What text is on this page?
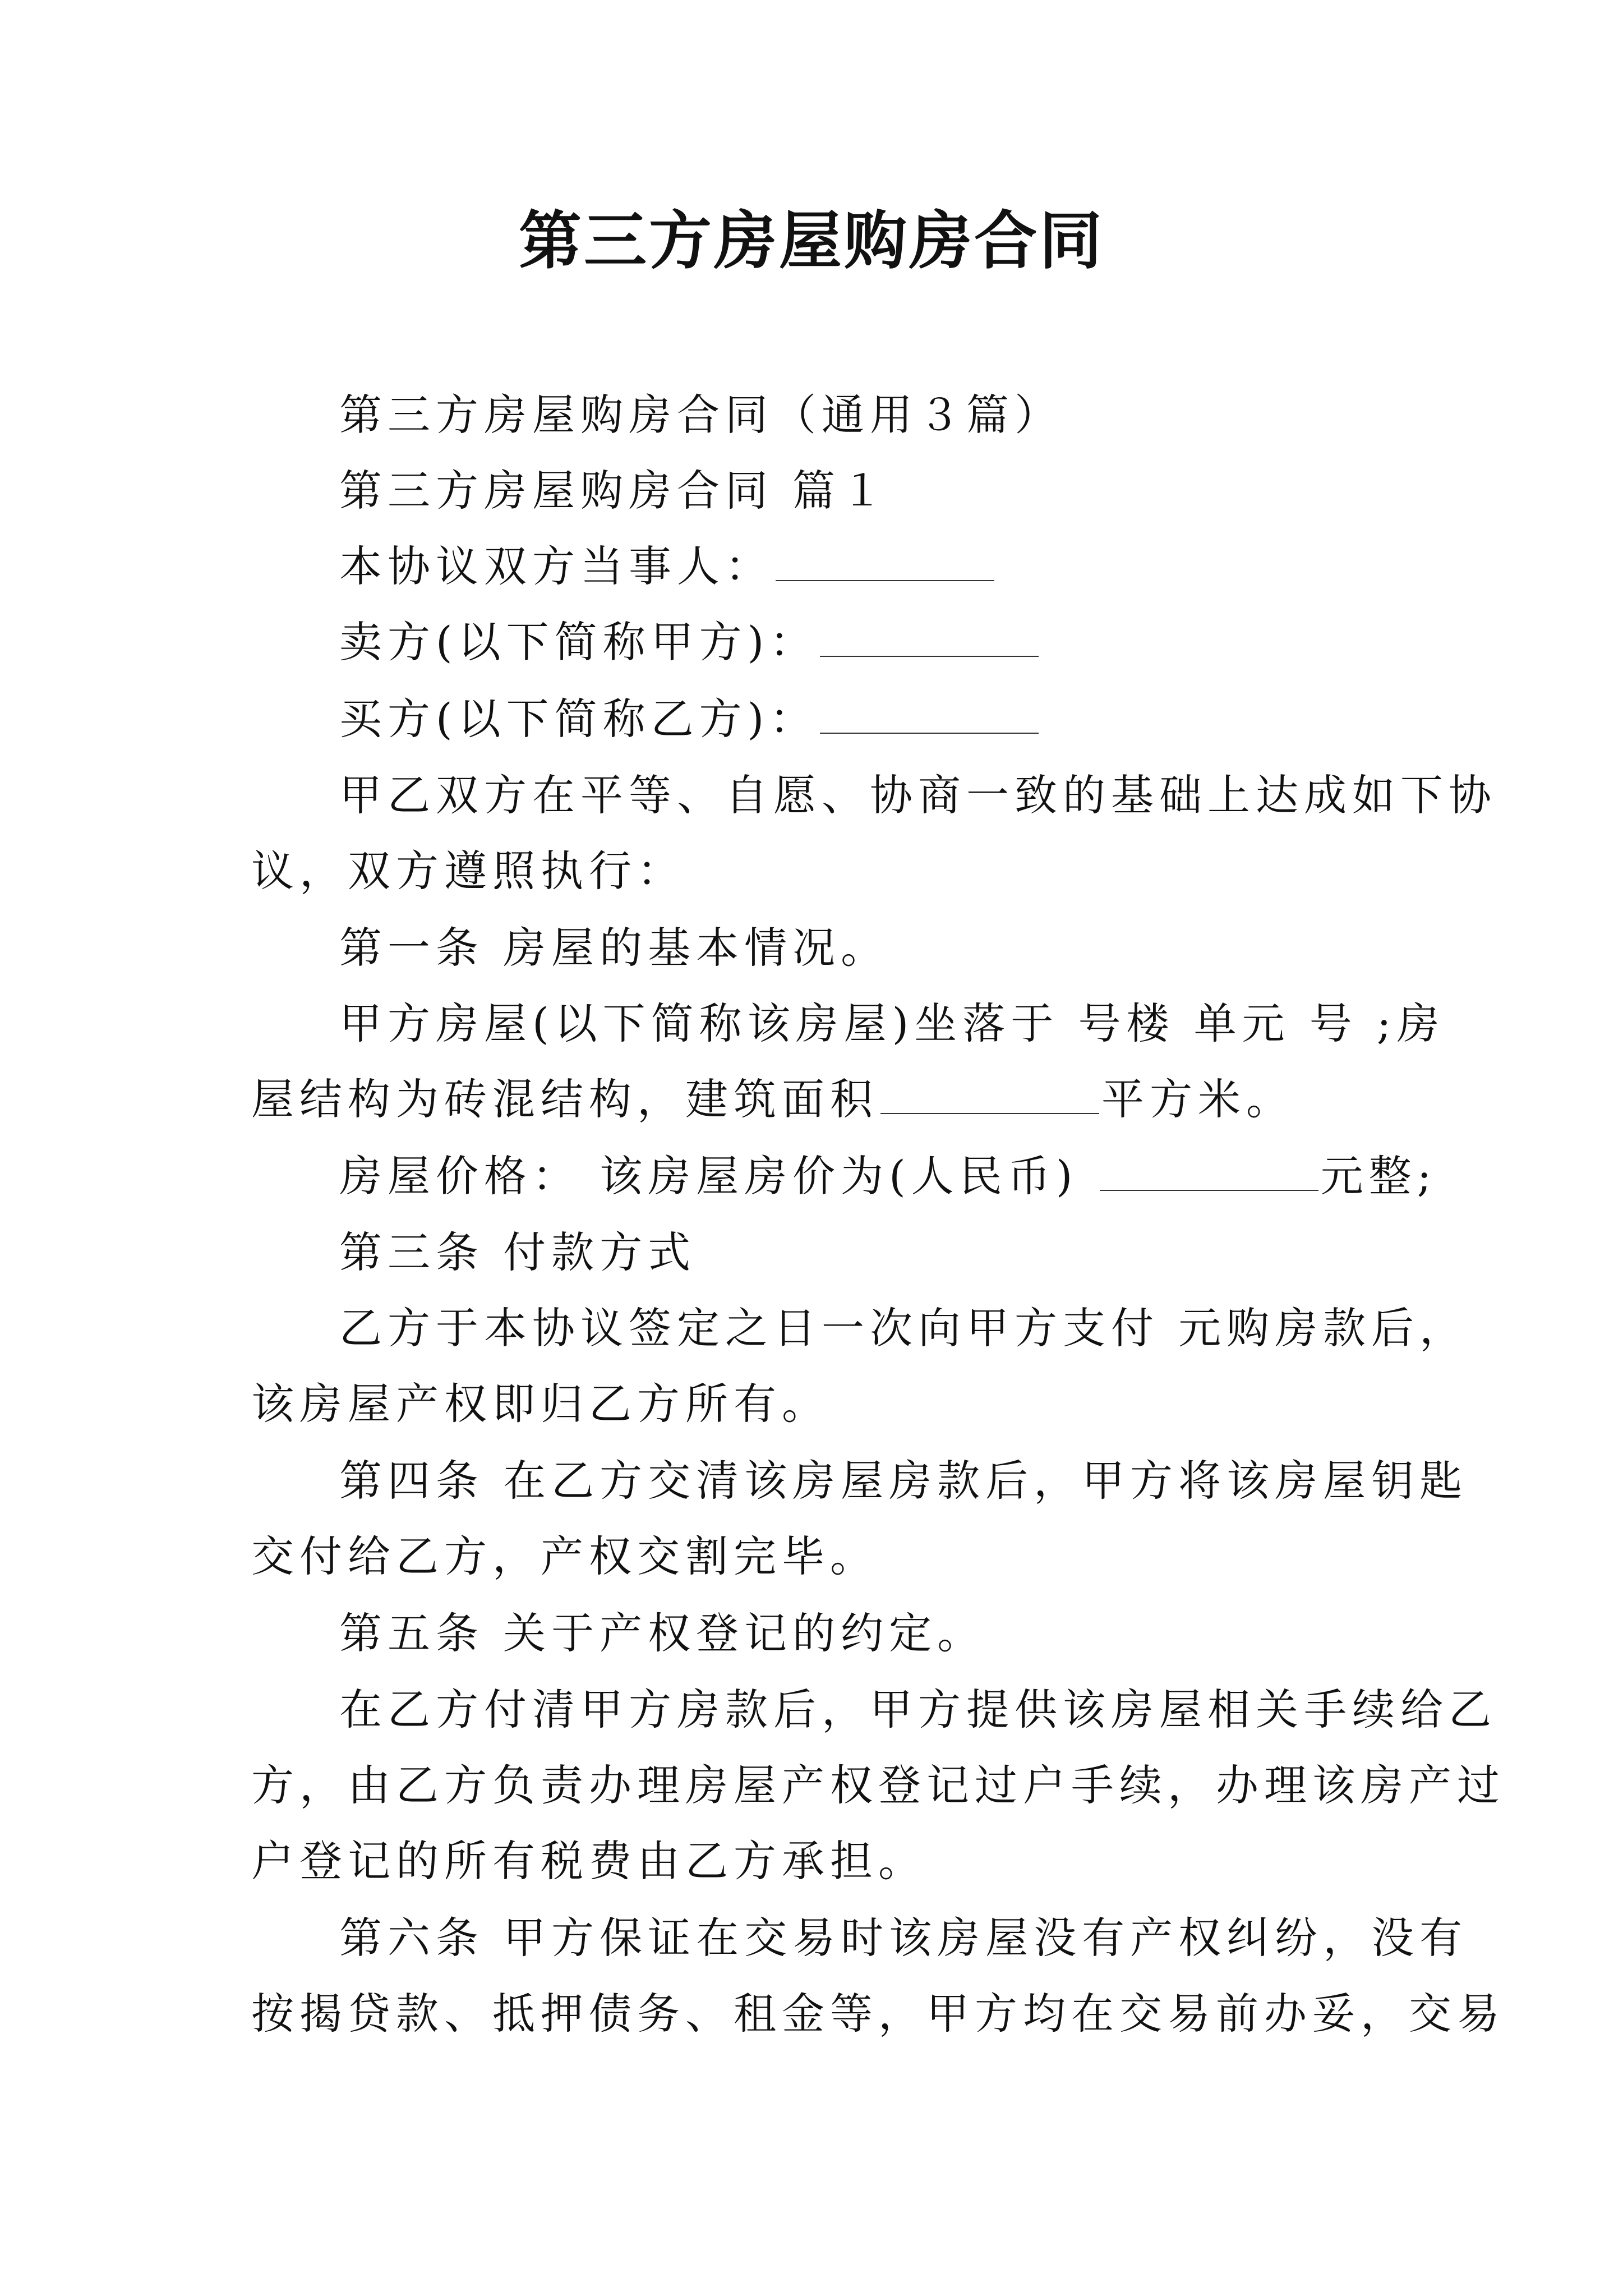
第三方房屋购房合同
第三方房屋购房合同（通用３篇）
第三方房屋购房合同 篇１
本协议双方当事人：
卖方(以下简称甲方)：
买方(以下简称乙方)：
甲乙双方在平等、自愿、协商一致的基础上达成如下协
议，双方遵照执行：
第一条 房屋的基本情况。
甲方房屋(以下简称该房屋)坐落于 号楼 单元 号 ;房
屋结构为砖混结构，建筑面积	平方米。
房屋价格： 该房屋房价为(人民币)	元整;
第三条 付款方式
乙方于本协议签定之日一次向甲方支付 元购房款后，
该房屋产权即归乙方所有。
第四条 在乙方交清该房屋房款后，甲方将该房屋钥匙
交付给乙方，产权交割完毕。
第五条 关于产权登记的约定。
在乙方付清甲方房款后，甲方提供该房屋相关手续给乙
方，由乙方负责办理房屋产权登记过户手续，办理该房产过
户登记的所有税费由乙方承担。
第六条 甲方保证在交易时该房屋没有产权纠纷，没有
按揭贷款、抵押债务、租金等，甲方均在交易前办妥，交易
